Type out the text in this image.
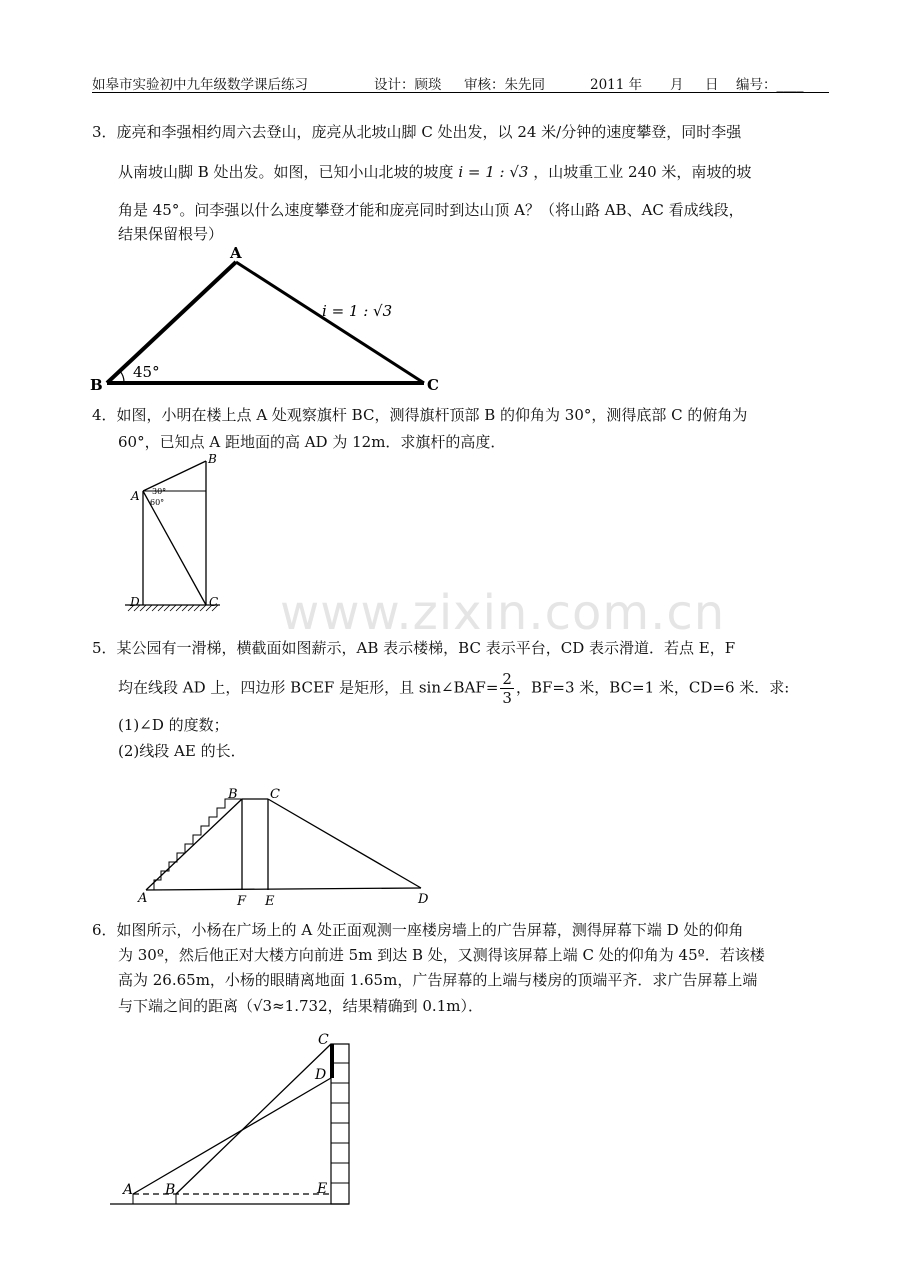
如皋市实验初中九年级数学课后练习	设计：顾琰 审核：朱先同	2011 年 月 日 编号：____
3．庞亮和李强相约周六去登山，庞亮从北坡山脚 C 处出发，以 24 米/分钟的速度攀登，同时李强
从南坡山脚 B 处出发。如图，已知小山北坡的坡度 i = 1 : √3 ，山坡重工业 240 米，南坡的坡
角是 45°。问李强以什么速度攀登才能和庞亮同时到达山顶 A？（将山路 AB、AC 看成线段，
结果保留根号）
A
B	C
45°
i = 1 : √3
4．如图，小明在楼上点 A 处观察旗杆 BC，测得旗杆顶部 B 的仰角为 30°，测得底部 C 的俯角为
60°，已知点 A 距地面的高 AD 为 12m．求旗杆的高度．
A
B
C
D
30°
60°
www.zixin.com.cn
5．某公园有一滑梯，横截面如图薪示，AB 表示楼梯，BC 表示平台，CD 表示滑道．若点 E，F
均在线段 AD 上，四边形 BCEF 是矩形，且 sin∠BAF= $\frac{2}{3}$ ，BF=3 米，BC=1 米，CD=6 米．求:
(1)∠D 的度数；
(2)线段 AE 的长．
A
B C
D
E
F
6．如图所示，小杨在广场上的 A 处正面观测一座楼房墙上的广告屏幕，测得屏幕下端 D 处的仰角
为 30º，然后他正对大楼方向前进 5m 到达 B 处，又测得该屏幕上端 C 处的仰角为 45º．若该楼
高为 26.65m，小杨的眼睛离地面 1.65m，广告屏幕的上端与楼房的顶端平齐．求广告屏幕上端
与下端之间的距离（√3≈1.732，结果精确到 0.1m）．
A B
C
D
E
